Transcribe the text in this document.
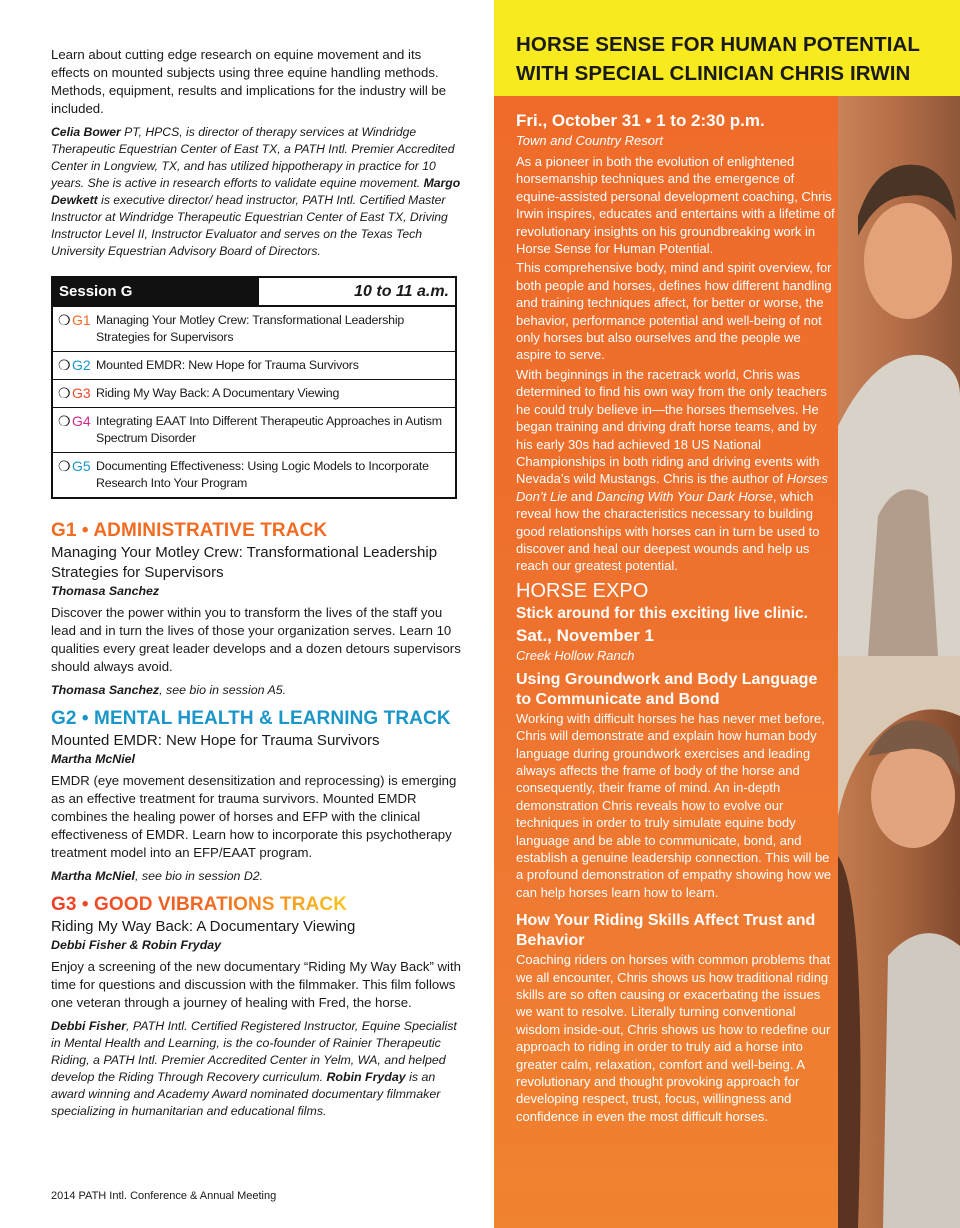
Learn about cutting edge research on equine movement and its effects on mounted subjects using three equine handling methods. Methods, equipment, results and implications for the industry will be included.

Celia Bower PT, HPCS, is director of therapy services at Windridge Therapeutic Equestrian Center of East TX, a PATH Intl. Premier Accredited Center in Longview, TX, and has utilized hippotherapy in practice for 10 years. She is active in research efforts to validate equine movement. Margo Dewkett is executive director/ head instructor, PATH Intl. Certified Master Instructor at Windridge Therapeutic Equestrian Center of East TX, Driving Instructor Level II, Instructor Evaluator and serves on the Texas Tech University Equestrian Advisory Board of Directors.

Session G	10 to 11 a.m.
❍ G1 Managing Your Motley Crew: Transformational Leadership Strategies for Supervisors
❍ G2 Mounted EMDR: New Hope for Trauma Survivors
❍ G3 Riding My Way Back: A Documentary Viewing
❍ G4 Integrating EAAT Into Different Therapeutic Approaches in Autism Spectrum Disorder
❍ G5 Documenting Effectiveness: Using Logic Models to Incorporate Research Into Your Program
G1 • ADMINISTRATIVE TRACK

Managing Your Motley Crew: Transformational Leadership Strategies for Supervisors

Thomasa Sanchez

Discover the power within you to transform the lives of the staff you lead and in turn the lives of those your organization serves. Learn 10 qualities every great leader develops and a dozen detours supervisors should always avoid.

Thomasa Sanchez, see bio in session A5.

G2 • MENTAL HEALTH & LEARNING TRACK

Mounted EMDR: New Hope for Trauma Survivors

Martha McNiel

EMDR (eye movement desensitization and reprocessing) is emerging as an effective treatment for trauma survivors. Mounted EMDR combines the healing power of horses and EFP with the clinical effectiveness of EMDR. Learn how to incorporate this psychotherapy treatment model into an EFP/EAAT program.

Martha McNiel, see bio in session D2.

G3 • GOOD VIBRATIONS TRACK

Riding My Way Back: A Documentary Viewing

Debbi Fisher & Robin Fryday

Enjoy a screening of the new documentary “Riding My Way Back” with time for questions and discussion with the filmmaker. This film follows one veteran through a journey of healing with Fred, the horse.

Debbi Fisher, PATH Intl. Certified Registered Instructor, Equine Specialist in Mental Health and Learning, is the co-founder of Rainier Therapeutic Riding, a PATH Intl. Premier Accredited Center in Yelm, WA, and helped develop the Riding Through Recovery curriculum. Robin Fryday is an award winning and Academy Award nominated documentary filmmaker specializing in humanitarian and educational films.

2014 PATH Intl. Conference & Annual Meeting
HORSE SENSE FOR HUMAN POTENTIAL
WITH SPECIAL CLINICIAN CHRIS IRWIN

Fri., October 31 • 1 to 2:30 p.m.

Town and Country Resort

As a pioneer in both the evolution of enlightened horsemanship techniques and the emergence of equine-assisted personal development coaching, Chris Irwin inspires, educates and entertains with a lifetime of revolutionary insights on his groundbreaking work in Horse Sense for Human Potential.

This comprehensive body, mind and spirit overview, for both people and horses, defines how different handling and training techniques affect, for better or worse, the behavior, performance potential and well-being of not only horses but also ourselves and the people we aspire to serve.

With beginnings in the racetrack world, Chris was determined to find his own way from the only teachers he could truly believe in—the horses themselves. He began training and driving draft horse teams, and by his early 30s had achieved 18 US National Championships in both riding and driving events with Nevada’s wild Mustangs. Chris is the author of Horses Don’t Lie and Dancing With Your Dark Horse, which reveal how the characteristics necessary to building good relationships with horses can in turn be used to discover and heal our deepest wounds and help us reach our greatest potential.

HORSE EXPO

Stick around for this exciting live clinic.

Sat., November 1

Creek Hollow Ranch

Using Groundwork and Body Language to Communicate and Bond

Working with difficult horses he has never met before, Chris will demonstrate and explain how human body language during groundwork exercises and leading always affects the frame of body of the horse and consequently, their frame of mind. An in-depth demonstration Chris reveals how to evolve our techniques in order to truly simulate equine body language and be able to communicate, bond, and establish a genuine leadership connection. This will be a profound demonstration of empathy showing how we can help horses learn how to learn.

How Your Riding Skills Affect Trust and Behavior

Coaching riders on horses with common problems that we all encounter, Chris shows us how traditional riding skills are so often causing or exacerbating the issues we want to resolve. Literally turning conventional wisdom inside-out, Chris shows us how to redefine our approach to riding in order to truly aid a horse into greater calm, relaxation, comfort and well-being. A revolutionary and thought provoking approach for developing respect, trust, focus, willingness and confidence in even the most difficult horses.
